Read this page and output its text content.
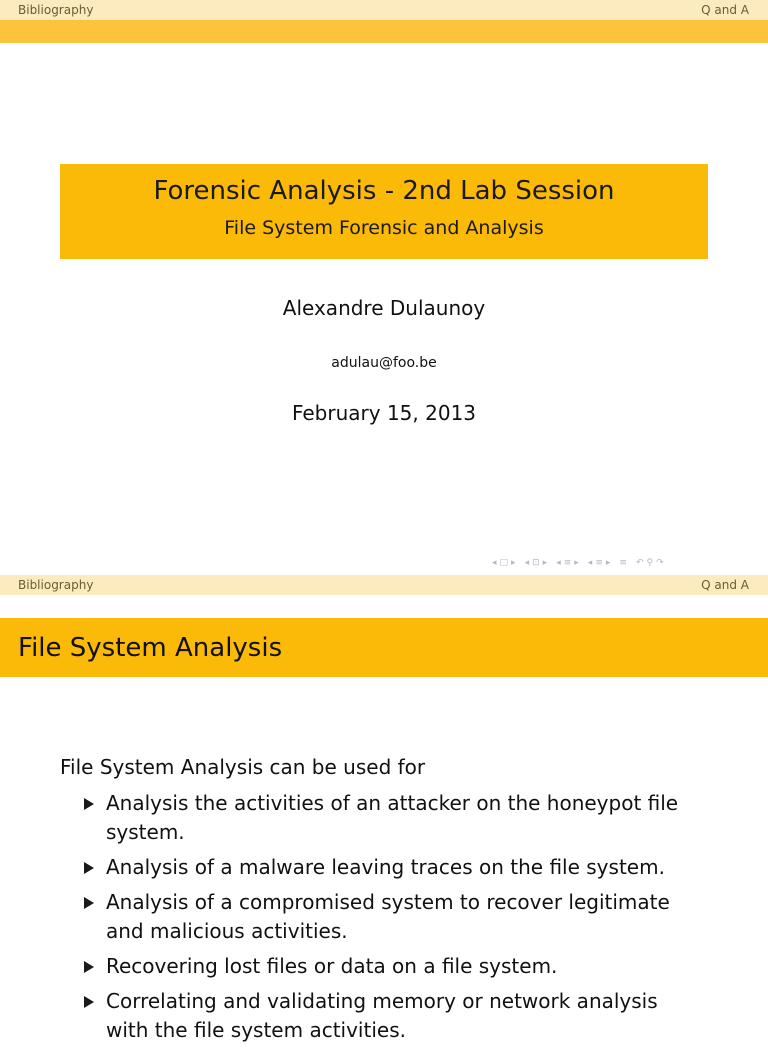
Bibliography	Q and A
Forensic Analysis - 2nd Lab Session
File System Forensic and Analysis
Alexandre Dulaunoy
adulau@foo.be
February 15, 2013
◂ □ ▸ ◂ ⊡ ▸ ◂ ≡ ▸ ◂ ≡ ▸ ≡ ↶ ⚲ ↷
Bibliography	Q and A
File System Analysis
File System Analysis can be used for
Analysis the activities of an attacker on the honeypot file system.
Analysis of a malware leaving traces on the file system.
Analysis of a compromised system to recover legitimate and malicious activities.
Recovering lost files or data on a file system.
Correlating and validating memory or network analysis with the file system activities.
